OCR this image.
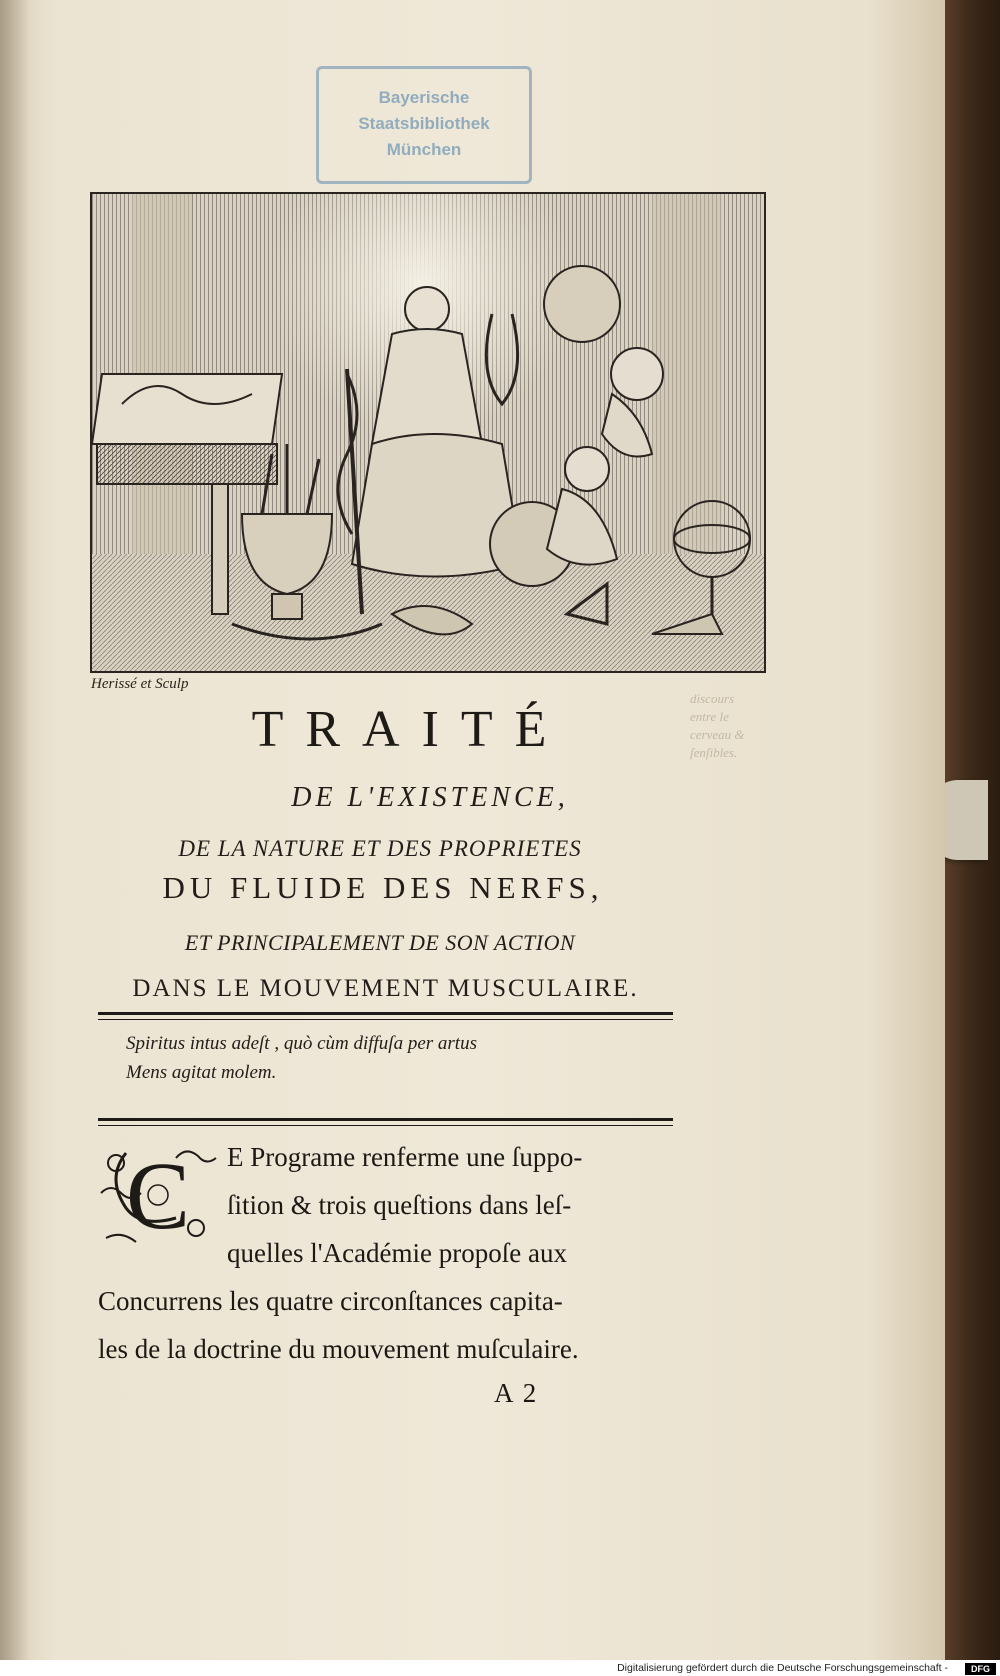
discours
entre le
cerveau &
ſenſibles.
Bayerische
Staatsbibliothek
München
Herissé et Sculp
TRAITÉ
DE L'EXISTENCE,
DE LA NATURE ET DES PROPRIETES
DU FLUIDE DES NERFS,
ET PRINCIPALEMENT DE SON ACTION
DANS LE MOUVEMENT MUSCULAIRE.
Spiritus intus adeſt , quò cùm diffuſa per artus
Mens agitat molem.
C E Programe renferme une ſuppo-
ſition & trois queſtions dans leſ-
quelles l'Académie propoſe aux
Concurrens les quatre circonſtances capita-
les de la doctrine du mouvement muſculaire.
A 2
Digitalisierung gefördert durch die Deutsche Forschungsgemeinschaft -	DFG
